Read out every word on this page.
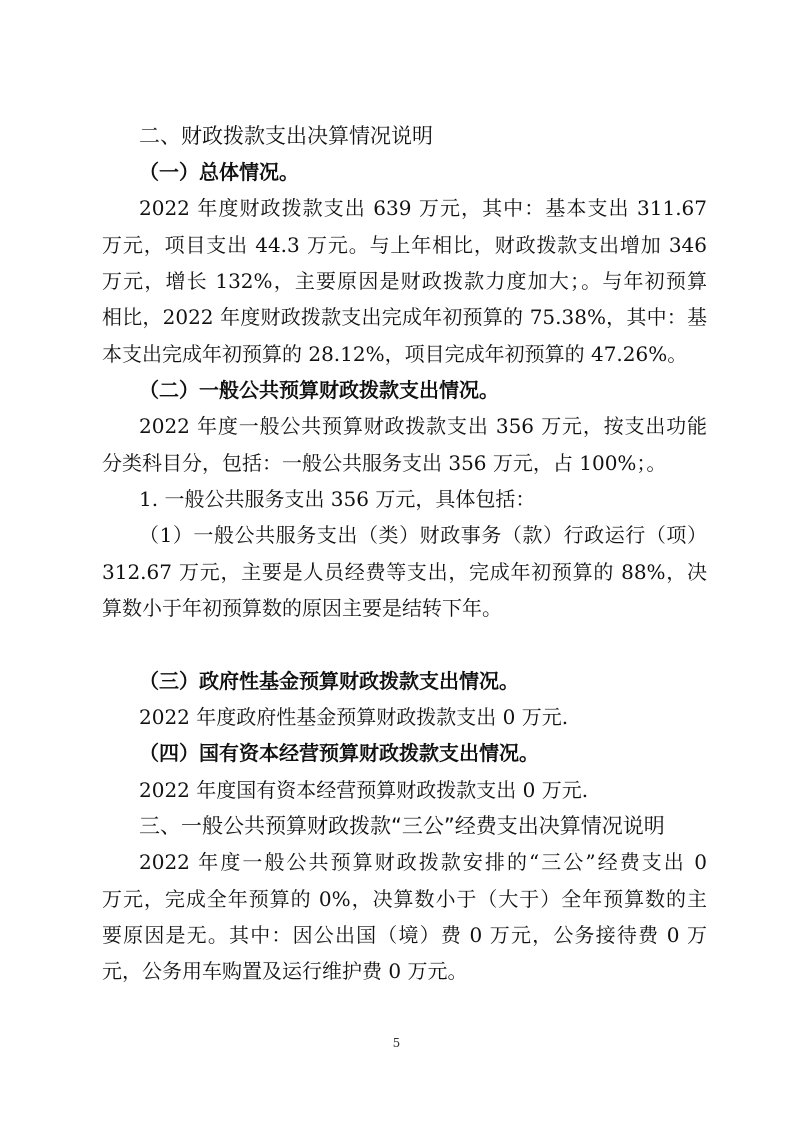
二、财政拨款支出决算情况说明

（一）总体情况。

2022 年度财政拨款支出 639 万元，其中：基本支出 311.67

万元，项目支出 44.3 万元。与上年相比，财政拨款支出增加 346

万元，增长 132%，主要原因是财政拨款力度加大；。与年初预算

相比，2022 年度财政拨款支出完成年初预算的 75.38%，其中：基

本支出完成年初预算的 28.12%，项目完成年初预算的 47.26%。

（二）一般公共预算财政拨款支出情况。

2022 年度一般公共预算财政拨款支出 356 万元，按支出功能

分类科目分，包括：一般公共服务支出 356 万元，占 100%；。

1. 一般公共服务支出 356 万元，具体包括：

（1）一般公共服务支出（类）财政事务（款）行政运行（项）

312.67 万元，主要是人员经费等支出，完成年初预算的 88%，决

算数小于年初预算数的原因主要是结转下年。

（三）政府性基金预算财政拨款支出情况。

2022 年度政府性基金预算财政拨款支出 0 万元.

（四）国有资本经营预算财政拨款支出情况。

2022 年度国有资本经营预算财政拨款支出 0 万元.

三、一般公共预算财政拨款“三公”经费支出决算情况说明

2022 年度一般公共预算财政拨款安排的“三公”经费支出 0

万元，完成全年预算的 0%，决算数小于（大于）全年预算数的主

要原因是无。其中：因公出国（境）费 0 万元，公务接待费 0 万

元，公务用车购置及运行维护费 0 万元。

5
